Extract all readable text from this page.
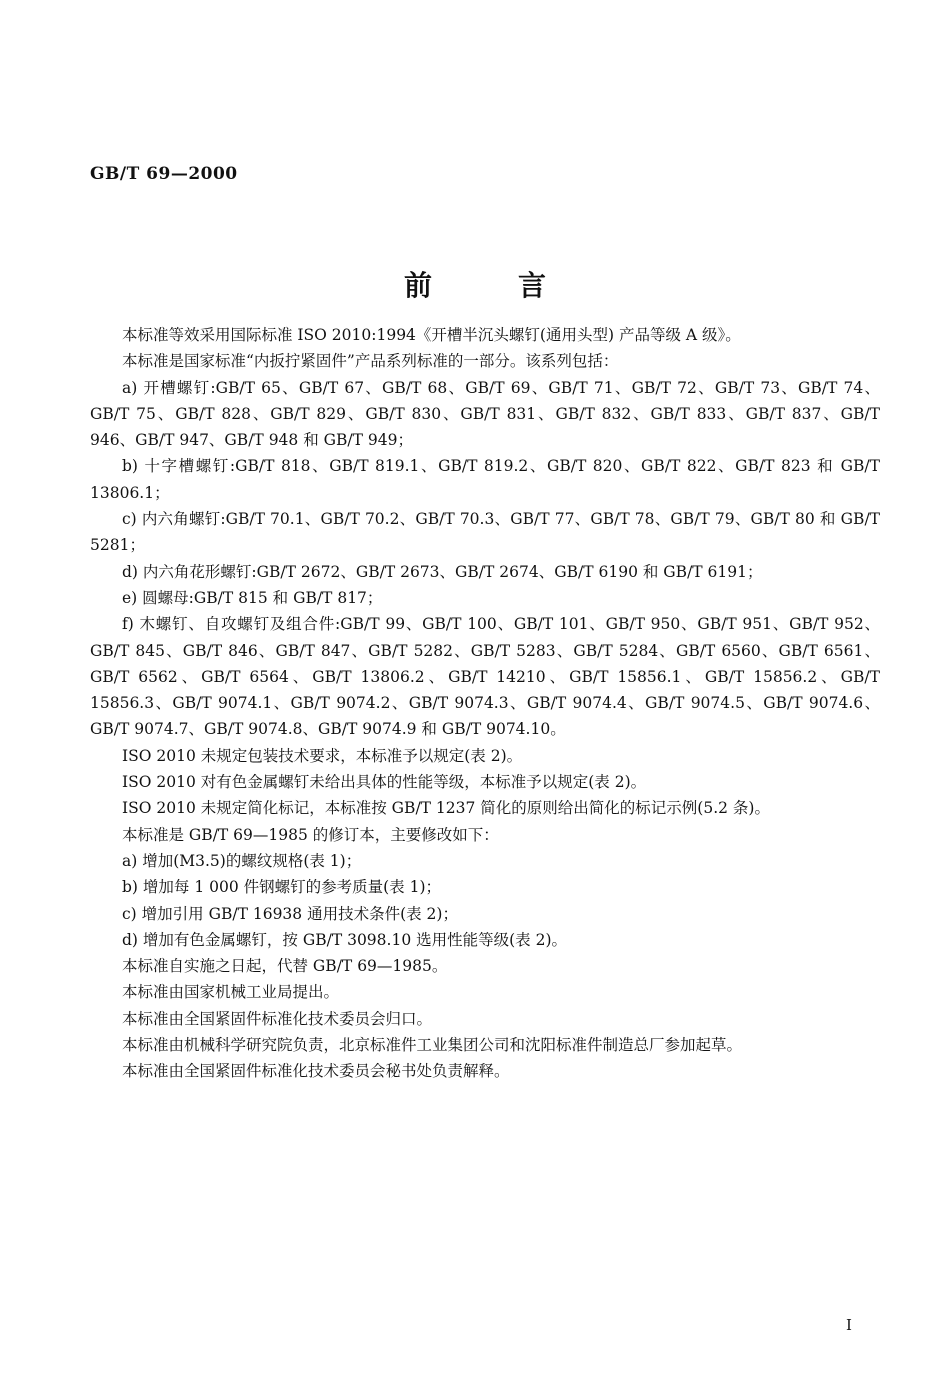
GB/T 69—2000
前言

本标准等效采用国际标准 ISO 2010:1994《开槽半沉头螺钉(通用头型) 产品等级 A 级》。

本标准是国家标准“内扳拧紧固件”产品系列标准的一部分。该系列包括：

a) 开槽螺钉:GB/T 65、GB/T 67、GB/T 68、GB/T 69、GB/T 71、GB/T 72、GB/T 73、GB/T 74、GB/T 75、GB/T 828、GB/T 829、GB/T 830、GB/T 831、GB/T 832、GB/T 833、GB/T 837、GB/T 946、GB/T 947、GB/T 948 和 GB/T 949；

b) 十字槽螺钉:GB/T 818、GB/T 819.1、GB/T 819.2、GB/T 820、GB/T 822、GB/T 823 和 GB/T 13806.1；

c) 内六角螺钉:GB/T 70.1、GB/T 70.2、GB/T 70.3、GB/T 77、GB/T 78、GB/T 79、GB/T 80 和 GB/T 5281；

d) 内六角花形螺钉:GB/T 2672、GB/T 2673、GB/T 2674、GB/T 6190 和 GB/T 6191；

e) 圆螺母:GB/T 815 和 GB/T 817；

f) 木螺钉、自攻螺钉及组合件:GB/T 99、GB/T 100、GB/T 101、GB/T 950、GB/T 951、GB/T 952、GB/T 845、GB/T 846、GB/T 847、GB/T 5282、GB/T 5283、GB/T 5284、GB/T 6560、GB/T 6561、GB/T 6562、GB/T 6564、GB/T 13806.2、GB/T 14210、GB/T 15856.1、GB/T 15856.2、GB/T 15856.3、GB/T 9074.1、GB/T 9074.2、GB/T 9074.3、GB/T 9074.4、GB/T 9074.5、GB/T 9074.6、GB/T 9074.7、GB/T 9074.8、GB/T 9074.9 和 GB/T 9074.10。

ISO 2010 未规定包装技术要求，本标准予以规定(表 2)。

ISO 2010 对有色金属螺钉未给出具体的性能等级，本标准予以规定(表 2)。

ISO 2010 未规定简化标记，本标准按 GB/T 1237 简化的原则给出简化的标记示例(5.2 条)。

本标准是 GB/T 69—1985 的修订本，主要修改如下：

a) 增加(M3.5)的螺纹规格(表 1)；

b) 增加每 1 000 件钢螺钉的参考质量(表 1)；

c) 增加引用 GB/T 16938 通用技术条件(表 2)；

d) 增加有色金属螺钉，按 GB/T 3098.10 选用性能等级(表 2)。

本标准自实施之日起，代替 GB/T 69—1985。

本标准由国家机械工业局提出。

本标准由全国紧固件标准化技术委员会归口。

本标准由机械科学研究院负责，北京标准件工业集团公司和沈阳标准件制造总厂参加起草。

本标准由全国紧固件标准化技术委员会秘书处负责解释。

I
